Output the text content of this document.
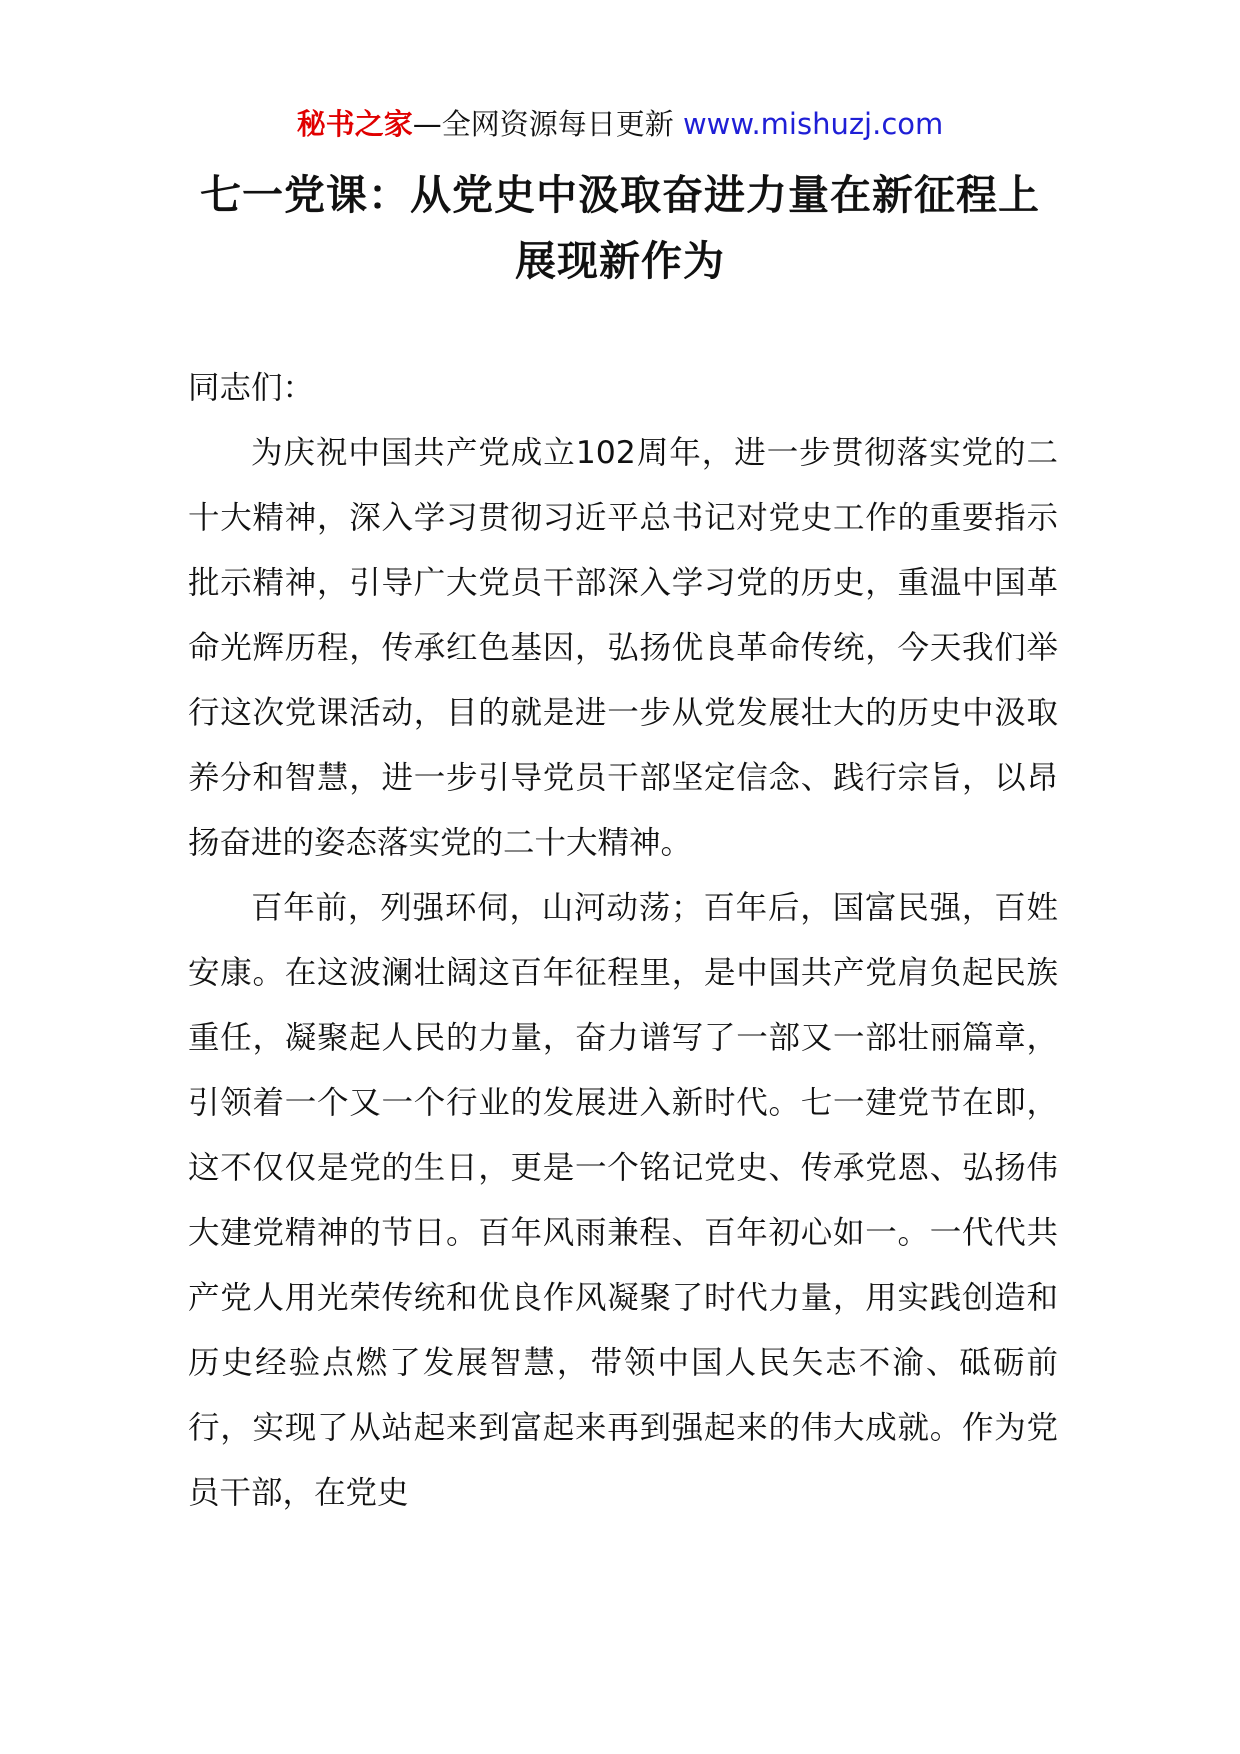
秘书之家—全网资源每日更新 www.mishuzj.com
七一党课：从党史中汲取奋进力量在新征程上展现新作为

同志们：

为庆祝中国共产党成立102周年，进一步贯彻落实党的二十大精神，深入学习贯彻习近平总书记对党史工作的重要指示批示精神，引导广大党员干部深入学习党的历史，重温中国革命光辉历程，传承红色基因，弘扬优良革命传统，今天我们举行这次党课活动，目的就是进一步从党发展壮大的历史中汲取养分和智慧，进一步引导党员干部坚定信念、践行宗旨，以昂扬奋进的姿态落实党的二十大精神。

百年前，列强环伺，山河动荡；百年后，国富民强，百姓安康。在这波澜壮阔这百年征程里，是中国共产党肩负起民族重任，凝聚起人民的力量，奋力谱写了一部又一部壮丽篇章，引领着一个又一个行业的发展进入新时代。七一建党节在即，这不仅仅是党的生日，更是一个铭记党史、传承党恩、弘扬伟大建党精神的节日。百年风雨兼程、百年初心如一。一代代共产党人用光荣传统和优良作风凝聚了时代力量，用实践创造和历史经验点燃了发展智慧，带领中国人民矢志不渝、砥砺前行，实现了从站起来到富起来再到强起来的伟大成就。作为党员干部，在党史
